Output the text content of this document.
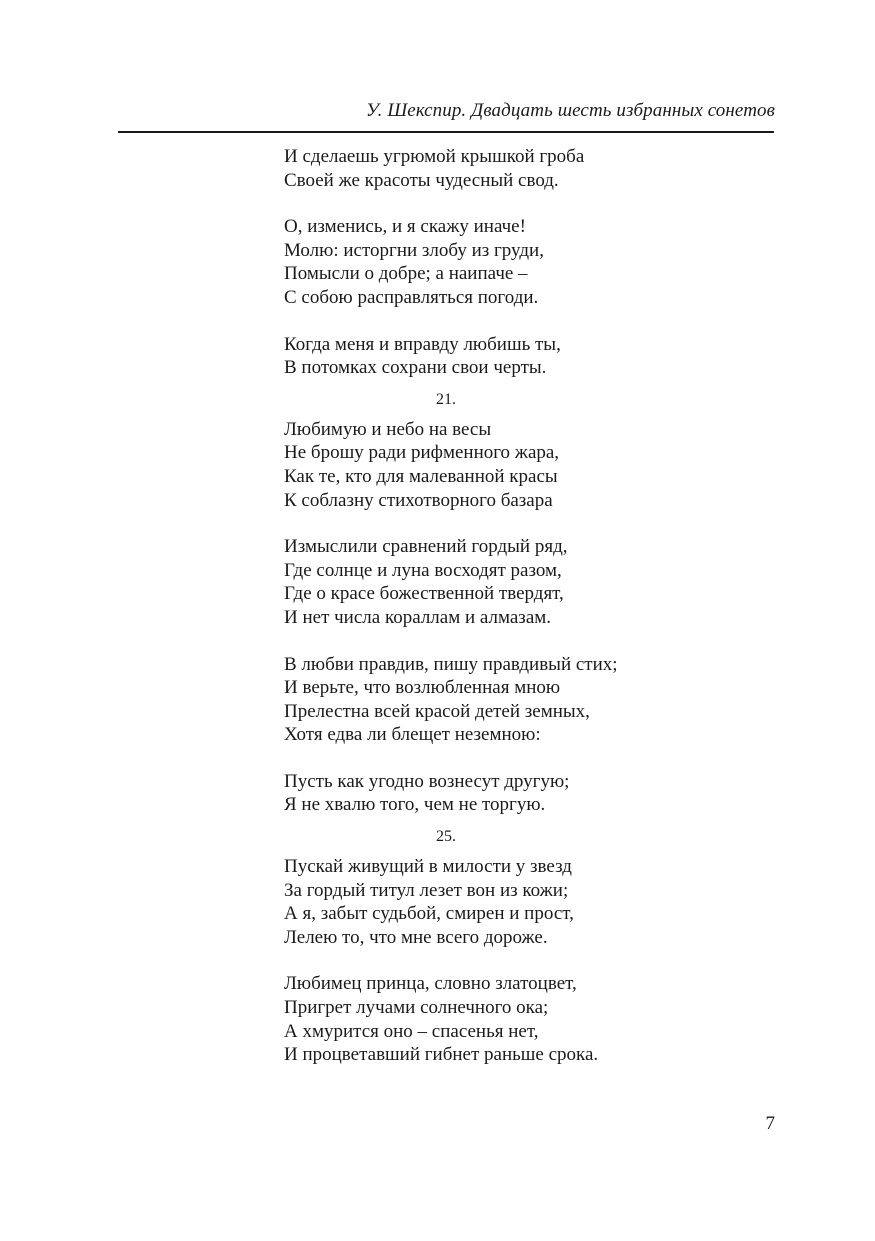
У. Шекспир. Двадцать шесть избранных сонетов
И сделаешь угрюмой крышкой гроба
Своей же красоты чудесный свод.
О, изменись, и я скажу иначе!
Молю: исторгни злобу из груди,
Помысли о добре; а наипаче –
С собою расправляться погоди.
Когда меня и вправду любишь ты,
В потомках сохрани свои черты.
21.
Любимую и небо на весы
Не брошу ради рифменного жара,
Как те, кто для малеванной красы
К соблазну стихотворного базара
Измыслили сравнений гордый ряд,
Где солнце и луна восходят разом,
Где о красе божественной твердят,
И нет числа кораллам и алмазам.
В любви правдив, пишу правдивый стих;
И верьте, что возлюбленная мною
Прелестна всей красой детей земных,
Хотя едва ли блещет неземною:
Пусть как угодно вознесут другую;
Я не хвалю того, чем не торгую.
25.
Пускай живущий в милости у звезд
За гордый титул лезет вон из кожи;
А я, забыт судьбой, смирен и прост,
Лелею то, что мне всего дороже.
Любимец принца, словно златоцвет,
Пригрет лучами солнечного ока;
А хмурится оно – спасенья нет,
И процветавший гибнет раньше срока.
7
